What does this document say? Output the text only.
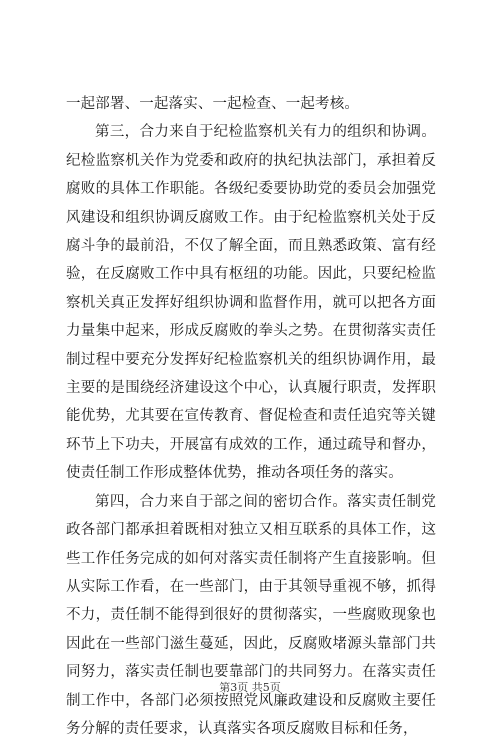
一起部署、一起落实、一起检查、一起考核。

第三，合力来自于纪检监察机关有力的组织和协调。纪检监察机关作为党委和政府的执纪执法部门，承担着反腐败的具体工作职能。各级纪委要协助党的委员会加强党风建设和组织协调反腐败工作。由于纪检监察机关处于反腐斗争的最前沿，不仅了解全面，而且熟悉政策、富有经验，在反腐败工作中具有枢纽的功能。因此，只要纪检监察机关真正发挥好组织协调和监督作用，就可以把各方面力量集中起来，形成反腐败的拳头之势。在贯彻落实责任制过程中要充分发挥好纪检监察机关的组织协调作用，最主要的是围绕经济建设这个中心，认真履行职责，发挥职能优势，尤其要在宣传教育、督促检查和责任追究等关键环节上下功夫，开展富有成效的工作，通过疏导和督办，使责任制工作形成整体优势，推动各项任务的落实。

第四，合力来自于部之间的密切合作。落实责任制党政各部门都承担着既相对独立又相互联系的具体工作，这些工作任务完成的如何对落实责任制将产生直接影响。但从实际工作看，在一些部门，由于其领导重视不够，抓得不力，责任制不能得到很好的贯彻落实，一些腐败现象也因此在一些部门滋生蔓延，因此，反腐败堵源头靠部门共同努力，落实责任制也要靠部门的共同努力。在落实责任制工作中，各部门必须按照党风廉政建设和反腐败主要任务分解的责任要求，认真落实各项反腐败目标和任务，

第3页 共5页
